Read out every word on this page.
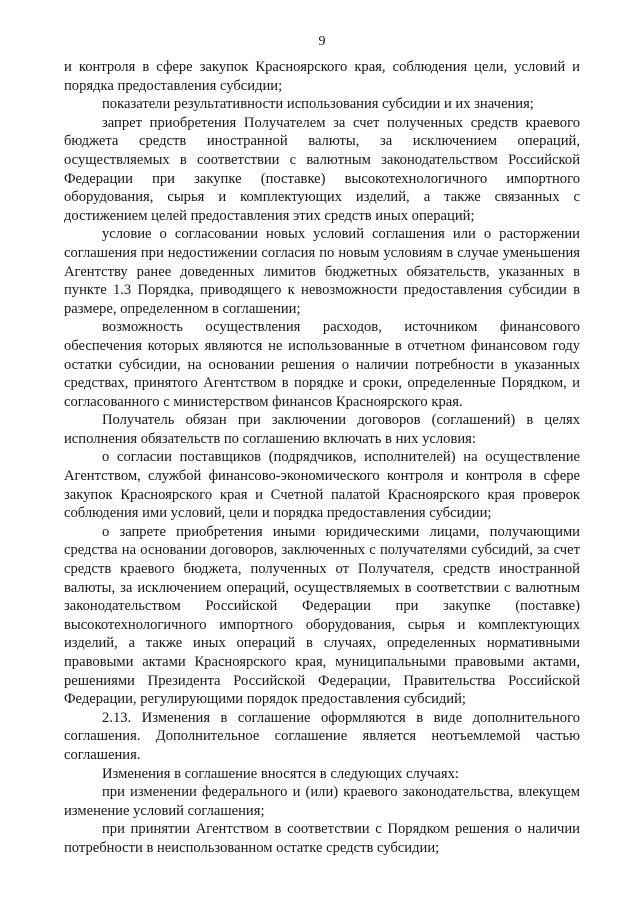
9

и контроля в сфере закупок Красноярского края, соблюдения цели, условий и порядка предоставления субсидии;

показатели результативности использования субсидии и их значения;

запрет приобретения Получателем за счет полученных средств краевого бюджета средств иностранной валюты, за исключением операций, осуществляемых в соответствии с валютным законодательством Российской Федерации при закупке (поставке) высокотехнологичного импортного оборудования, сырья и комплектующих изделий, а также связанных с достижением целей предоставления этих средств иных операций;

условие о согласовании новых условий соглашения или о расторжении соглашения при недостижении согласия по новым условиям в случае уменьшения Агентству ранее доведенных лимитов бюджетных обязательств, указанных в пункте 1.3 Порядка, приводящего к невозможности предоставления субсидии в размере, определенном в соглашении;

возможность осуществления расходов, источником финансового обеспечения которых являются не использованные в отчетном финансовом году остатки субсидии, на основании решения о наличии потребности в указанных средствах, принятого Агентством в порядке и сроки, определенные Порядком, и согласованного с министерством финансов Красноярского края.

Получатель обязан при заключении договоров (соглашений) в целях исполнения обязательств по соглашению включать в них условия:

о согласии поставщиков (подрядчиков, исполнителей) на осуществление Агентством, службой финансово-экономического контроля и контроля в сфере закупок Красноярского края и Счетной палатой Красноярского края проверок соблюдения ими условий, цели и порядка предоставления субсидии;

о запрете приобретения иными юридическими лицами, получающими средства на основании договоров, заключенных с получателями субсидий, за счет средств краевого бюджета, полученных от Получателя, средств иностранной валюты, за исключением операций, осуществляемых в соответствии с валютным законодательством Российской Федерации при закупке (поставке) высокотехнологичного импортного оборудования, сырья и комплектующих изделий, а также иных операций в случаях, определенных нормативными правовыми актами Красноярского края, муниципальными правовыми актами, решениями Президента Российской Федерации, Правительства Российской Федерации, регулирующими порядок предоставления субсидий;

2.13. Изменения в соглашение оформляются в виде дополнительного соглашения. Дополнительное соглашение является неотъемлемой частью соглашения.

Изменения в соглашение вносятся в следующих случаях:

при изменении федерального и (или) краевого законодательства, влекущем изменение условий соглашения;

при принятии Агентством в соответствии с Порядком решения о наличии потребности в неиспользованном остатке средств субсидии;
